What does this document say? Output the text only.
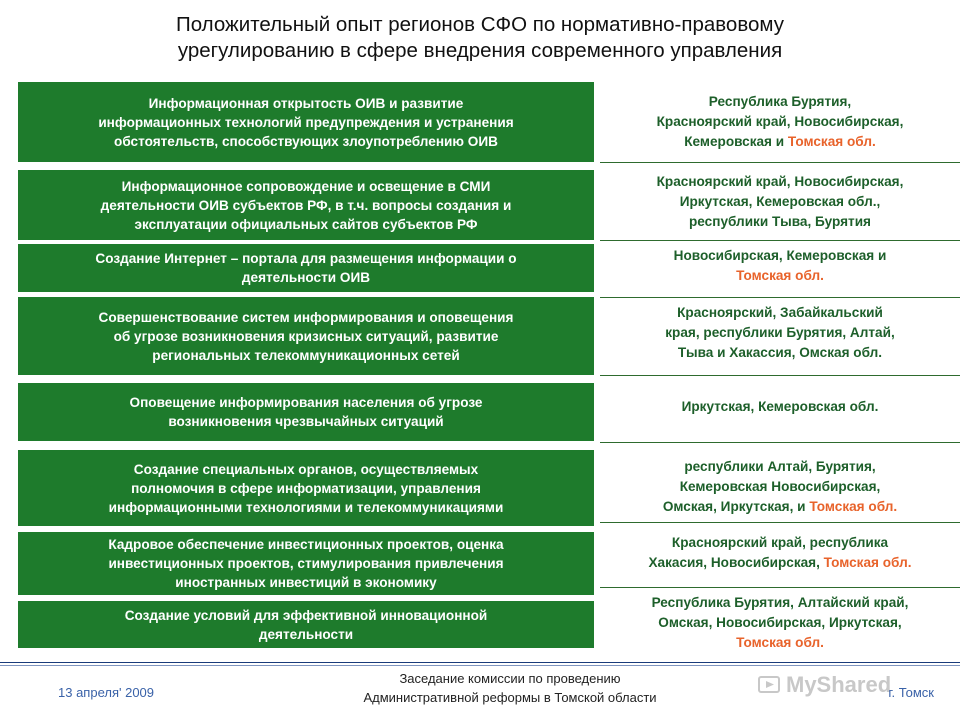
Положительный опыт регионов СФО по нормативно-правовому
урегулированию в сфере внедрения современного управления
Информационная открытость ОИВ и развитие
информационных технологий предупреждения и устранения
обстоятельств, способствующих злоупотреблению ОИВ
Информационное сопровождение и освещение в СМИ
деятельности ОИВ субъектов РФ, в т.ч. вопросы создания и
эксплуатации официальных сайтов субъектов РФ
Создание Интернет – портала для размещения информации о
деятельности ОИВ
Совершенствование систем информирования и оповещения
об угрозе возникновения кризисных ситуаций, развитие
региональных телекоммуникационных сетей
Оповещение информирования населения об угрозе
возникновения чрезвычайных ситуаций
Создание специальных органов, осуществляемых
полномочия в сфере информатизации, управления
информационными технологиями и телекоммуникациями
Кадровое обеспечение инвестиционных проектов, оценка
инвестиционных проектов, стимулирования привлечения
иностранных инвестиций в экономику
Создание условий для эффективной инновационной
деятельности
Республика Бурятия,
Красноярский край, Новосибирская,
Кемеровская и Томская обл.
Красноярский край, Новосибирская,
Иркутская, Кемеровская обл.,
республики Тыва, Бурятия
Новосибирская, Кемеровская и
Томская обл.
Красноярский, Забайкальский
края, республики Бурятия, Алтай,
Тыва и Хакассия, Омская обл.
Иркутская, Кемеровская обл.
республики Алтай, Бурятия,
Кемеровская Новосибирская,
Омская, Иркутская, и Томская обл.
Красноярский край, республика
Хакасия, Новосибирская, Томская обл.
Республика Бурятия, Алтайский край,
Омская, Новосибирская, Иркутская,
Томская обл.
13 апреля' 2009
Заседание комиссии по проведению
Административной реформы в Томской области
MyShared
г. Томск
